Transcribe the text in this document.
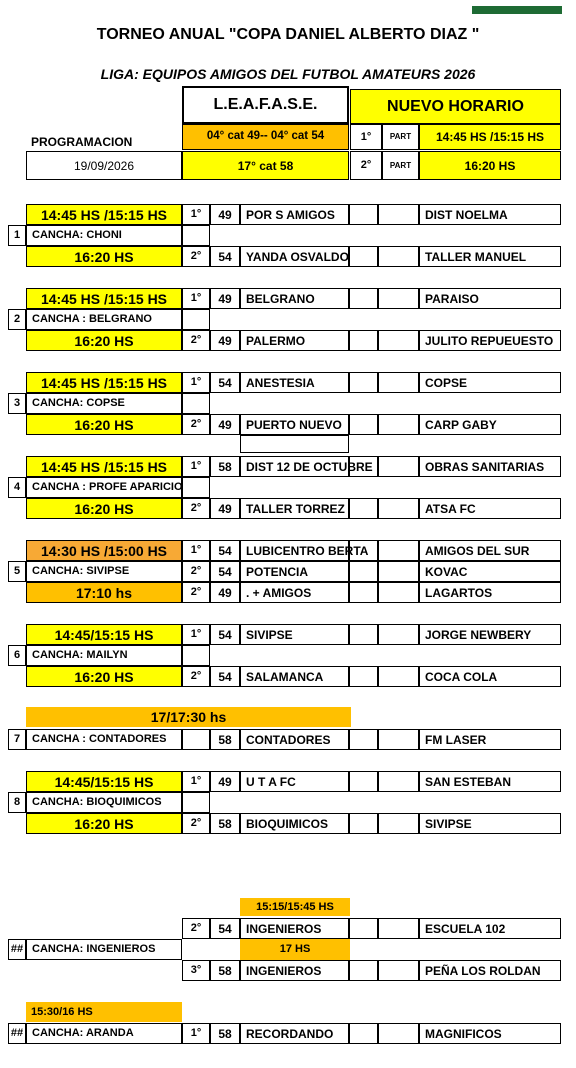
TORNEO ANUAL "COPA DANIEL ALBERTO DIAZ "
LIGA: EQUIPOS AMIGOS DEL FUTBOL AMATEURS 2026
L.E.A.F.A.S.E.	NUEVO HORARIO
PROGRAMACION	04° cat 49-- 04° cat 54	1°	PART	14:45 HS /15:15 HS
19/09/2026	17° cat 58	2°	PART	16:20 HS
14:45 HS /15:15 HS	1°	49	POR S AMIGOS	DIST NOELMA
1	CANCHA: CHONI
16:20 HS	2°	54	YANDA OSVALDO	TALLER MANUEL
14:45 HS /15:15 HS	1°	49	BELGRANO	PARAISO
2	CANCHA : BELGRANO
16:20 HS	2°	49	PALERMO	JULITO REPUEUESTO
14:45 HS /15:15 HS	1°	54	ANESTESIA	COPSE
3	CANCHA: COPSE
16:20 HS	2°	49	PUERTO NUEVO	CARP GABY
14:45 HS /15:15 HS	1°	58	DIST 12 DE OCTUBRE	OBRAS SANITARIAS
4	CANCHA : PROFE APARICIO
16:20 HS	2°	49	TALLER TORREZ	ATSA FC
14:45/15:15 HS	1°	54	SIVIPSE	JORGE NEWBERY
6	CANCHA: MAILYN
16:20 HS	2°	54	SALAMANCA	COCA COLA
14:45/15:15 HS	1°	49	U T A FC	SAN ESTEBAN
8	CANCHA: BIOQUIMICOS
16:20 HS	2°	58	BIOQUIMICOS	SIVIPSE
14:30 HS /15:00 HS	1°	54	LUBICENTRO BERTA	AMIGOS DEL SUR
5	CANCHA: SIVIPSE	2°	54	POTENCIA	KOVAC
17:10 hs	2°	49	. + AMIGOS	LAGARTOS
17/17:30 hs
7	CANCHA : CONTADORES	58	CONTADORES	FM LASER
15:15/15:45 HS
2°	54	INGENIEROS	ESCUELA 102
## CANCHA: INGENIEROS	17 HS
3°	58	INGENIEROS	PEÑA LOS ROLDAN
15:30/16 HS
## CANCHA: ARANDA	1°	58	RECORDANDO	MAGNIFICOS
